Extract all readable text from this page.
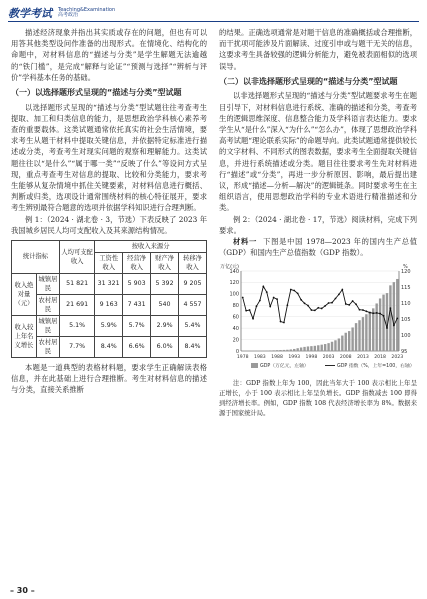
教学考试 Teaching&Examination
高考政治

描述经济现象并指出其实质或存在的问题，但也有可以用答其他类型设问作准备的出现形式。在情境化、结构化的命题中，对材料信息的“描述与分类”是学生解题无法逾越的“铁门槛”，是完成“解释与论证”“预测与选择”“辨析与评价”学科基本任务的基础。

（一）以选择题形式呈现的“描述与分类”型试题

以选择题形式呈现的“描述与分类”型试题往往考查考生提取、加工和归类信息的能力，是思想政治学科核心素养考查的重要载体。这类试题通常依托真实的社会生活情境，要求考生从题干材料中提取关键信息，并依据特定标准进行描述或分类，考查考生对现实问题的观察和理解能力。这类试题往往以“是什么”“属于哪一类”“反映了什么”等设问方式呈现，重点考查考生对信息的提取、比较和分类能力，要求考生能够从复杂情境中抓住关键要素，对材料信息进行概括、判断或归类，选项设计通常围绕材料的核心特征展开，要求考生辨别最符合题意的选项并依据学科知识进行合理判断。

例 1：（2024 · 湖北卷 · 3，节选）下表反映了 2023 年我国城乡居民人均可支配收入及其来源结构情况。

统计指标		人均可支配收入	按收入来源分			
			工资性收入	经营净收入	财产净收入	转移净收入
收入绝对量（元）	城镇居民	51 821	31 321	5 903	5 392	9 205
	农村居民	21 691	9 163	7 431	540	4 557
收入较上年名义增长	城镇居民	5.1%	5.9%	5.7%	2.9%	5.4%
	农村居民	7.7%	8.4%	6.6%	6.0%	8.4%

本题是一道典型的表格材料题，要求学生正确解读表格信息，并在此基础上进行合理推断。考生对材料信息的描述与分类，直接关系推断

的结果。正确选项通常是对题干信息的准确概括或合理推断，而干扰项可能涉及片面解读、过度引申或与题干无关的信息，这要求考生具备较强的逻辑分析能力，避免被表面相似的选项误导。

（二）以非选择题形式呈现的“描述与分类”型试题

以非选择题形式呈现的“描述与分类”型试题要求考生在题目引导下，对材料信息进行系统、准确的描述和分类，考查考生的逻辑思维深度、信息整合能力及学科语言表达能力。要求学生从“是什么”深入“为什么”“怎么办”，体现了思想政治学科高考试题“理论联系实际”的命题导向。此类试题通常提供较长的文字材料、不同形式的图表数据，要求考生全面提取关键信息，并进行系统描述或分类。题目往往要求考生先对材料进行“描述”或“分类”，再进一步分析原因、影响，最后提出建议，形成“描述—分析—解决”的逻辑链条。同时要求考生在主组织语言，使用思想政治学科的专业术语进行精准描述和分类。

例 2：（2024 · 湖北卷 · 17，节选）阅读材料，完成下列要求。

材料一 下图是中国 1978—2023 年的国内生产总值（GDP）和国内生产总值指数（GDP 指数）。

万亿(元)	%
0
20
40
60
80
100
120
140
95
100
105
110
115
120
1978 1983 1988 1993 1998 2003 2008 2013 2018 2023
GDP（万亿元，左轴）	GDP 指数（%，上年=100，右轴）

注：GDP 指数上年为 100，因此当年大于 100 表示相比上年呈正增长，小于 100 表示相比上年呈负增长。GDP 指数减去 100 即得到经济增长率。例如，GDP 指数 108 代表经济增长率为 8%。数据来源于国家统计局。

– 30 –
